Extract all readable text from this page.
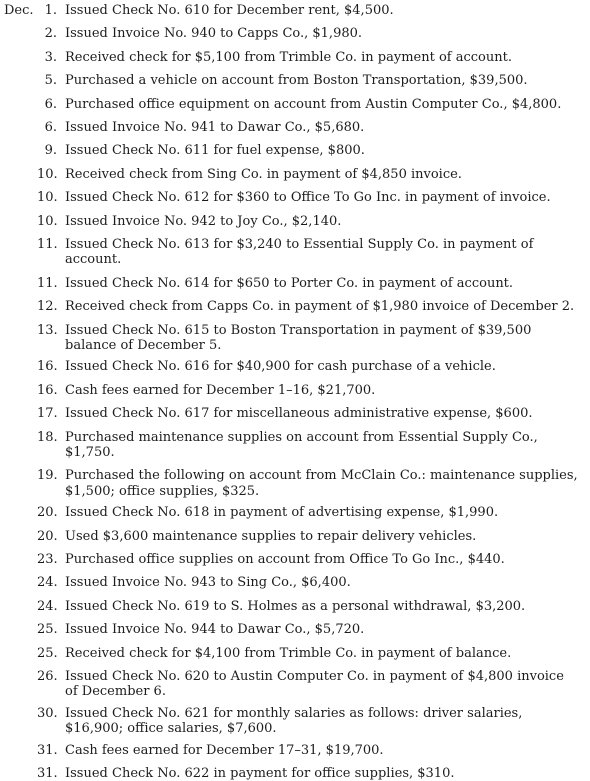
Dec. 1. Issued Check No. 610 for December rent, $4,500.
2. Issued Invoice No. 940 to Capps Co., $1,980.
3. Received check for $5,100 from Trimble Co. in payment of account.
5. Purchased a vehicle on account from Boston Transportation, $39,500.
6. Purchased office equipment on account from Austin Computer Co., $4,800.
6. Issued Invoice No. 941 to Dawar Co., $5,680.
9. Issued Check No. 611 for fuel expense, $800.
10. Received check from Sing Co. in payment of $4,850 invoice.
10. Issued Check No. 612 for $360 to Office To Go Inc. in payment of invoice.
10. Issued Invoice No. 942 to Joy Co., $2,140.
11. Issued Check No. 613 for $3,240 to Essential Supply Co. in payment of account.
11. Issued Check No. 614 for $650 to Porter Co. in payment of account.
12. Received check from Capps Co. in payment of $1,980 invoice of December 2.
13. Issued Check No. 615 to Boston Transportation in payment of $39,500 balance of December 5.
16. Issued Check No. 616 for $40,900 for cash purchase of a vehicle.
16. Cash fees earned for December 1–16, $21,700.
17. Issued Check No. 617 for miscellaneous administrative expense, $600.
18. Purchased maintenance supplies on account from Essential Supply Co., $1,750.
19. Purchased the following on account from McClain Co.: maintenance supplies, $1,500; office supplies, $325.
20. Issued Check No. 618 in payment of advertising expense, $1,990.
20. Used $3,600 maintenance supplies to repair delivery vehicles.
23. Purchased office supplies on account from Office To Go Inc., $440.
24. Issued Invoice No. 943 to Sing Co., $6,400.
24. Issued Check No. 619 to S. Holmes as a personal withdrawal, $3,200.
25. Issued Invoice No. 944 to Dawar Co., $5,720.
25. Received check for $4,100 from Trimble Co. in payment of balance.
26. Issued Check No. 620 to Austin Computer Co. in payment of $4,800 invoice of December 6.
30. Issued Check No. 621 for monthly salaries as follows: driver salaries, $16,900; office salaries, $7,600.
31. Cash fees earned for December 17–31, $19,700.
31. Issued Check No. 622 in payment for office supplies, $310.
